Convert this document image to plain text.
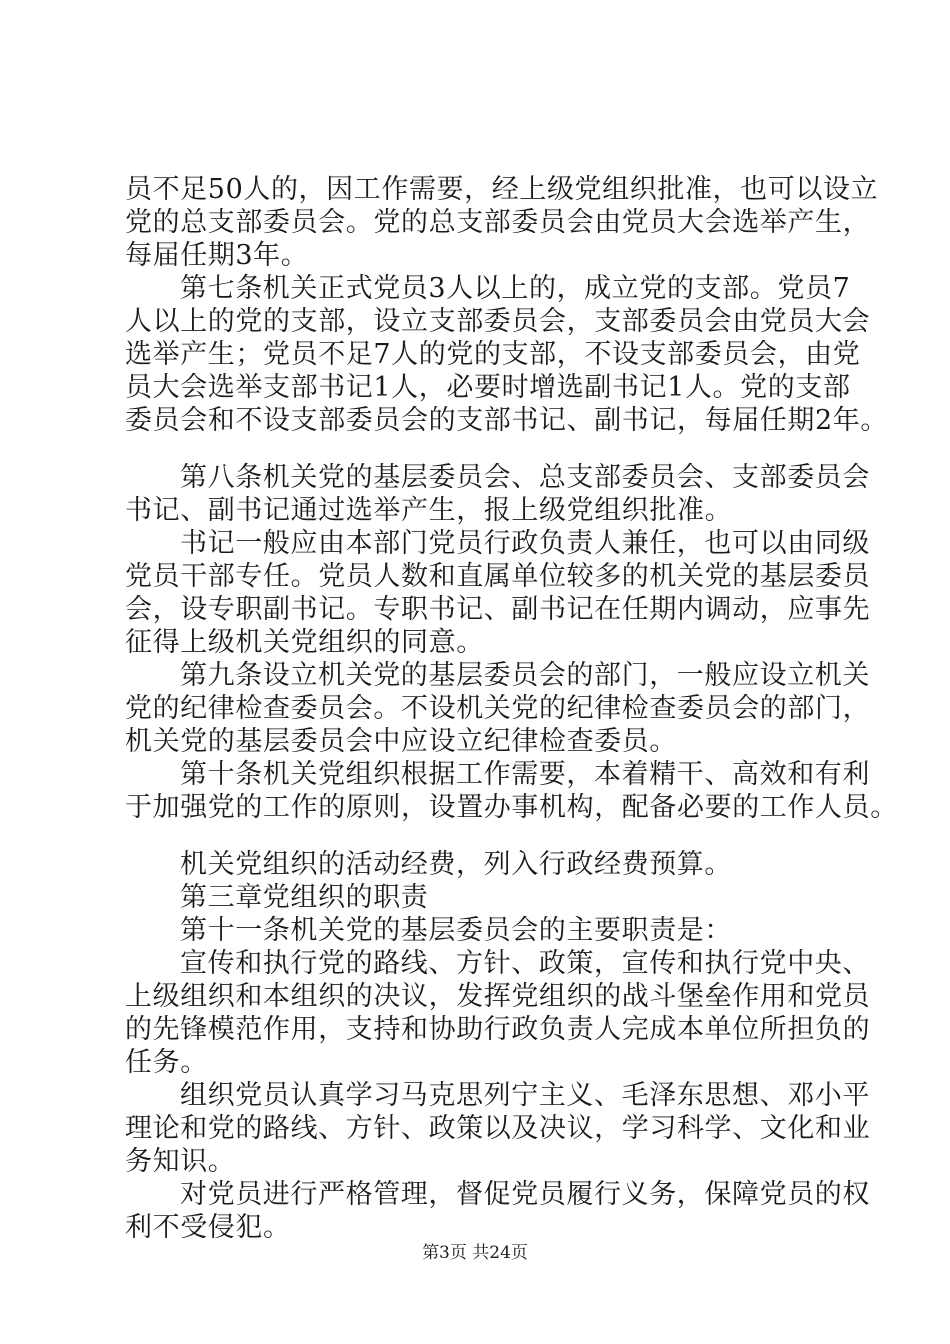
员不足50人的，因工作需要，经上级党组织批准，也可以设立
党的总支部委员会。党的总支部委员会由党员大会选举产生，
每届任期3年。
第七条机关正式党员3人以上的，成立党的支部。党员7
人以上的党的支部，设立支部委员会，支部委员会由党员大会
选举产生；党员不足7人的党的支部，不设支部委员会，由党
员大会选举支部书记1人，必要时增选副书记1人。党的支部
委员会和不设支部委员会的支部书记、副书记，每届任期2年。
第八条机关党的基层委员会、总支部委员会、支部委员会
书记、副书记通过选举产生，报上级党组织批准。
书记一般应由本部门党员行政负责人兼任，也可以由同级
党员干部专任。党员人数和直属单位较多的机关党的基层委员
会，设专职副书记。专职书记、副书记在任期内调动，应事先
征得上级机关党组织的同意。
第九条设立机关党的基层委员会的部门，一般应设立机关
党的纪律检查委员会。不设机关党的纪律检查委员会的部门，
机关党的基层委员会中应设立纪律检查委员。
第十条机关党组织根据工作需要，本着精干、高效和有利
于加强党的工作的原则，设置办事机构，配备必要的工作人员。
机关党组织的活动经费，列入行政经费预算。
第三章党组织的职责
第十一条机关党的基层委员会的主要职责是：
宣传和执行党的路线、方针、政策，宣传和执行党中央、
上级组织和本组织的决议，发挥党组织的战斗堡垒作用和党员
的先锋模范作用，支持和协助行政负责人完成本单位所担负的
任务。
组织党员认真学习马克思列宁主义、毛泽东思想、邓小平
理论和党的路线、方针、政策以及决议，学习科学、文化和业
务知识。
对党员进行严格管理，督促党员履行义务，保障党员的权
利不受侵犯。
第3页 共24页
